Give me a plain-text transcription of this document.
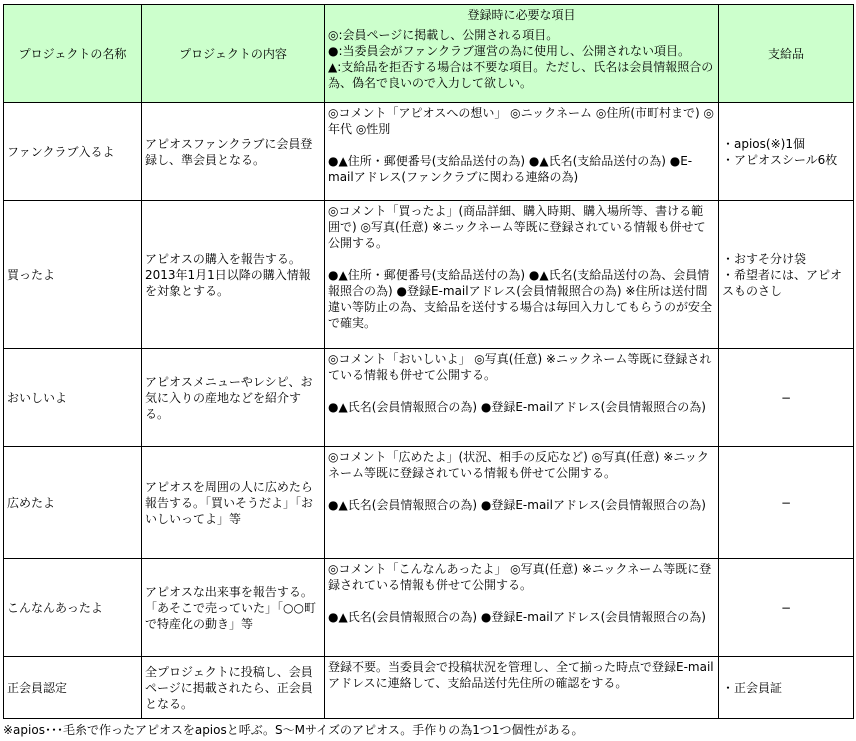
プロジェクトの名称	プロジェクトの内容	登録時に必要な項目
◎:会員ページに掲載し、公開される項目。
●:当委員会がファンクラブ運営の為に使用し、公開されない項目。
▲:支給品を拒否する場合は不要な項目。ただし、氏名は会員情報照合の為、偽名で良いので入力して欲しい。	支給品
ファンクラブ入るよ	アピオスファンクラブに会員登録し、準会員となる。	◎コメント「アピオスへの想い」 ◎ニックネーム ◎住所(市町村まで) ◎年代 ◎性別
●▲住所・郵便番号(支給品送付の為) ●▲氏名(支給品送付の為) ●E-mailアドレス(ファンクラブに関わる連絡の為)	・apios(※)1個
・アピオスシール6枚

買ったよ	アピオスの購入を報告する。2013年1月1日以降の購入情報を対象とする。	◎コメント「買ったよ」(商品詳細、購入時期、購入場所等、書ける範囲で) ◎写真(任意) ※ニックネーム等既に登録されている情報も併せて公開する。
●▲住所・郵便番号(支給品送付の為) ●▲氏名(支給品送付の為、会員情報照合の為) ●登録E-mailアドレス(会員情報照合の為) ※住所は送付間違い等防止の為、支給品を送付する場合は毎回入力してもらうのが安全で確実。	・おすそ分け袋
・希望者には、アピオスものさし

おいしいよ	アピオスメニューやレシピ、お気に入りの産地などを紹介する。	◎コメント「おいしいよ」 ◎写真(任意) ※ニックネーム等既に登録されている情報も併せて公開する。
●▲氏名(会員情報照合の為) ●登録E-mailアドレス(会員情報照合の為)	−
広めたよ	アピオスを周囲の人に広めたら報告する。「買いそうだよ」「おいしいってよ」等	◎コメント「広めたよ」(状況、相手の反応など) ◎写真(任意) ※ニックネーム等既に登録されている情報も併せて公開する。
●▲氏名(会員情報照合の為) ●登録E-mailアドレス(会員情報照合の為)	−
こんなんあったよ	アピオスな出来事を報告する。「あそこで売っていた」「○○町で特産化の動き」等	◎コメント「こんなんあったよ」 ◎写真(任意) ※ニックネーム等既に登録されている情報も併せて公開する。
●▲氏名(会員情報照合の為) ●登録E-mailアドレス(会員情報照合の為)	−
正会員認定	全プロジェクトに投稿し、会員ページに掲載されたら、正会員となる。	登録不要。当委員会で投稿状況を管理し、全て揃った時点で登録E-mailアドレスに連絡して、支給品送付先住所の確認をする。	・正会員証
※apios･･･毛糸で作ったアピオスをapiosと呼ぶ。S〜Mサイズのアピオス。手作りの為1つ1つ個性がある。
